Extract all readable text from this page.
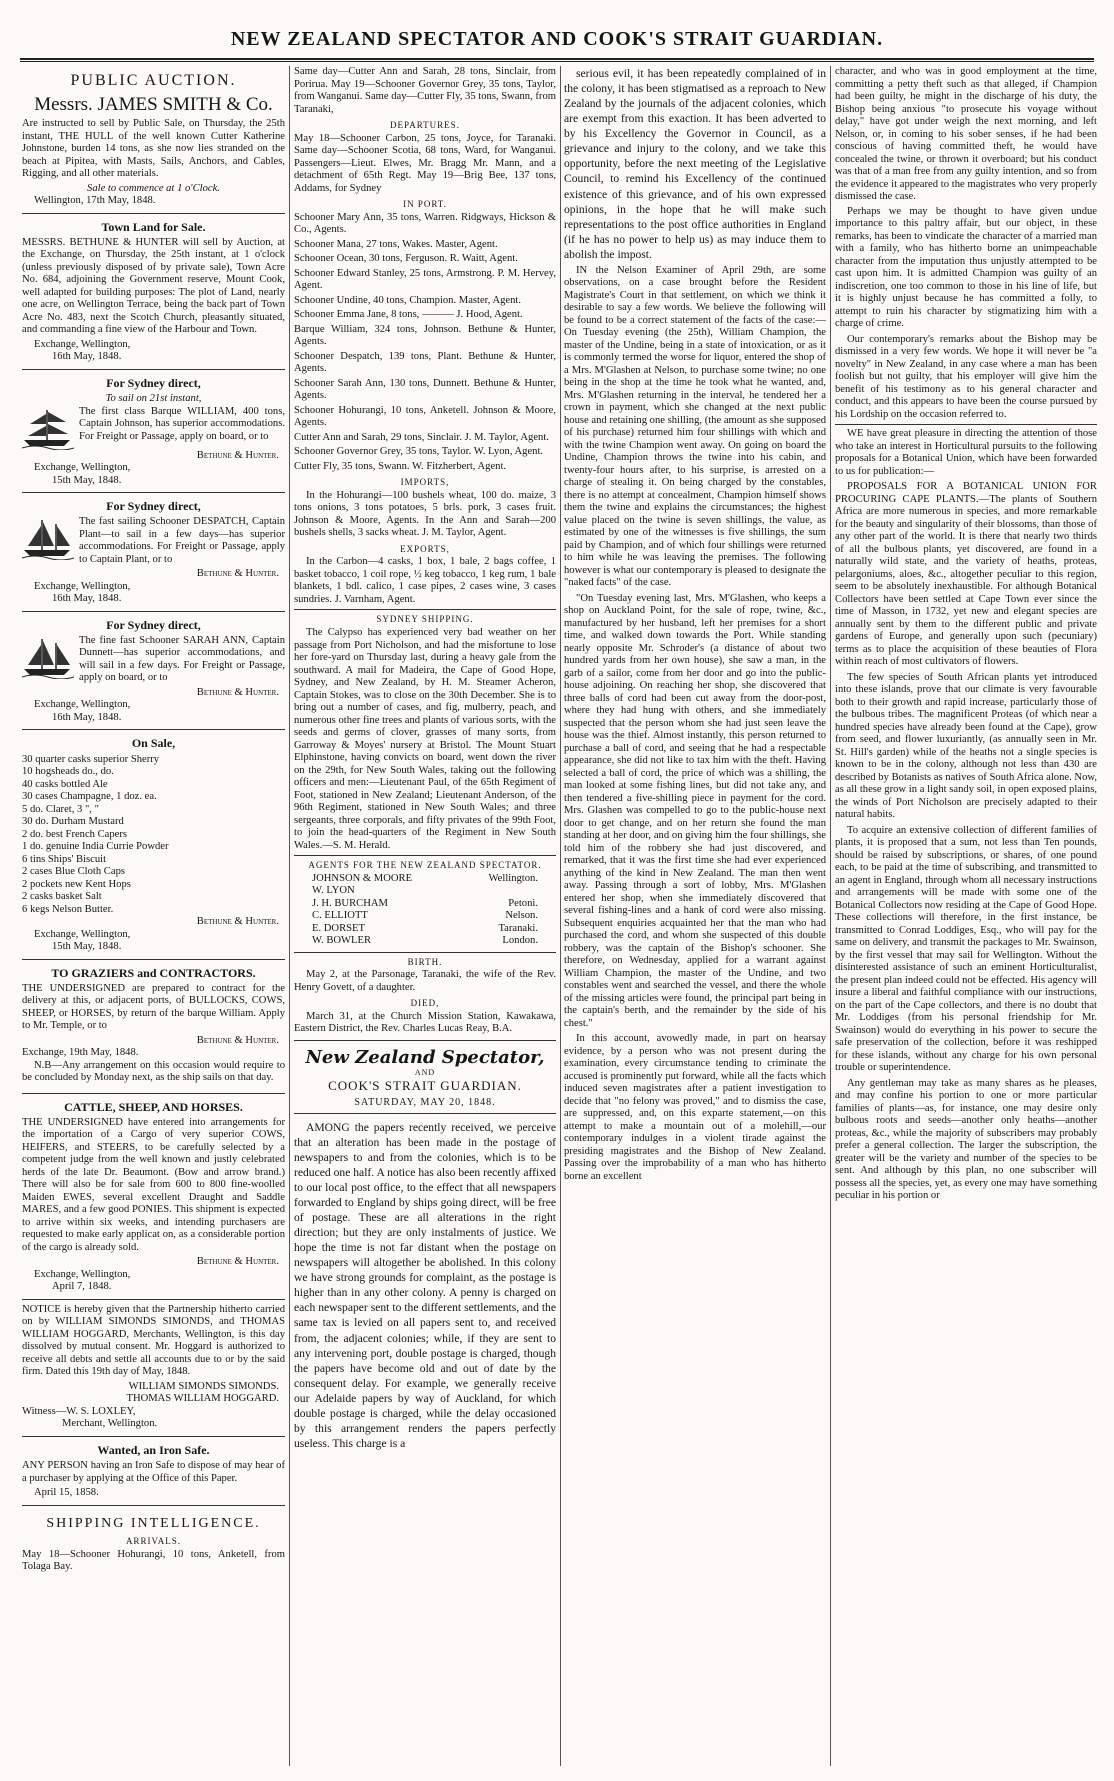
NEW ZEALAND SPECTATOR AND COOK'S STRAIT GUARDIAN.
PUBLIC AUCTION.
Messrs. JAMES SMITH & Co.

Are instructed to sell by Public Sale, on Thursday, the 25th instant, THE HULL of the well known Cutter Katherine Johnstone, burden 14 tons, as she now lies stranded on the beach at Pipitea, with Masts, Sails, Anchors, and Cables, Rigging, and all other materials.

Sale to commence at 1 o'Clock.
Wellington, 17th May, 1848.
Town Land for Sale.

MESSRS. BETHUNE & HUNTER will sell by Auction, at the Exchange, on Thursday, the 25th instant, at 1 o'clock (unless previously disposed of by private sale), Town Acre No. 684, adjoining the Government reserve, Mount Cook, well adapted for building purposes: The plot of Land, nearly one acre, on Wellington Terrace, being the back part of Town Acre No. 483, next the Scotch Church, pleasantly situated, and commanding a fine view of the Harbour and Town.

Exchange, Wellington,
16th May, 1848.
For Sydney direct,
To sail on 21st instant,

The first class Barque WILLIAM, 400 tons, Captain Johnson, has superior accommodations. For Freight or Passage, apply on board, or to

Bethune & Hunter.
Exchange, Wellington,
15th May, 1848.
For Sydney direct,

The fast sailing Schooner DESPATCH, Captain Plant—to sail in a few days—has superior accommodations. For Freight or Passage, apply to Captain Plant, or to

Bethune & Hunter.
Exchange, Wellington,
16th May, 1848.
For Sydney direct,

The fine fast Schooner SARAH ANN, Captain Dunnett—has superior accommodations, and will sail in a few days. For Freight or Passage, apply on board, or to

Bethune & Hunter.
Exchange, Wellington,
16th May, 1848.
On Sale,
30 quarter casks superior Sherry
10 hogsheads do., do.
40 casks bottled Ale
30 cases Champagne, 1 doz. ea.
5 do. Claret, 3 ", "
30 do. Durham Mustard
2 do. best French Capers
1 do. genuine India Currie Powder
6 tins Ships' Biscuit
2 cases Blue Cloth Caps
2 pockets new Kent Hops
2 casks basket Salt
6 kegs Nelson Butter.
Bethune & Hunter.
Exchange, Wellington,
15th May, 1848.
TO GRAZIERS and CONTRACTORS.

THE UNDERSIGNED are prepared to contract for the delivery at this, or adjacent ports, of BULLOCKS, COWS, SHEEP, or HORSES, by return of the barque William. Apply to Mr. Temple, or to

Bethune & Hunter.
Exchange, 19th May, 1848.

N.B—Any arrangement on this occasion would require to be concluded by Monday next, as the ship sails on that day.

CATTLE, SHEEP, AND HORSES.

THE UNDERSIGNED have entered into arrangements for the importation of a Cargo of very superior COWS, HEIFERS, and STEERS, to be carefully selected by a competent judge from the well known and justly celebrated herds of the late Dr. Beaumont. (Bow and arrow brand.) There will also be for sale from 600 to 800 fine-woolled Maiden EWES, several excellent Draught and Saddle MARES, and a few good PONIES. This shipment is expected to arrive within six weeks, and intending purchasers are requested to make early applicat on, as a considerable portion of the cargo is already sold.

Bethune & Hunter.
Exchange, Wellington,
April 7, 1848.

NOTICE is hereby given that the Partnership hitherto carried on by WILLIAM SIMONDS SIMONDS, and THOMAS WILLIAM HOGGARD, Merchants, Wellington, is this day dissolved by mutual consent. Mr. Hoggard is authorized to receive all debts and settle all accounts due to or by the said firm. Dated this 19th day of May, 1848.

WILLIAM SIMONDS SIMONDS.
THOMAS WILLIAM HOGGARD.
Witness—W. S. LOXLEY,
Merchant, Wellington.
Wanted, an Iron Safe.

ANY PERSON having an Iron Safe to dispose of may hear of a purchaser by applying at the Office of this Paper.

April 15, 1858.
SHIPPING INTELLIGENCE.
ARRIVALS.

May 18—Schooner Hohurangi, 10 tons, Anketell, from Tolaga Bay.

Same day—Cutter Ann and Sarah, 28 tons, Sinclair, from Porirua. May 19—Schooner Governor Grey, 35 tons, Taylor, from Wanganui. Same day—Cutter Fly, 35 tons, Swann, from Taranaki,

DEPARTURES.

May 18—Schooner Carbon, 25 tons, Joyce, for Taranaki. Same day—Schooner Scotia, 68 tons, Ward, for Wanganui. Passengers—Lieut. Elwes, Mr. Bragg Mr. Mann, and a detachment of 65th Regt. May 19—Brig Bee, 137 tons, Addams, for Sydney

IN PORT.

Schooner Mary Ann, 35 tons, Warren. Ridgways, Hickson & Co., Agents.

Schooner Mana, 27 tons, Wakes. Master, Agent.

Schooner Ocean, 30 tons, Ferguson. R. Waitt, Agent.

Schooner Edward Stanley, 25 tons, Armstrong. P. M. Hervey, Agent.

Schooner Undine, 40 tons, Champion. Master, Agent.

Schooner Emma Jane, 8 tons, ——— J. Hood, Agent.

Barque William, 324 tons, Johnson. Bethune & Hunter, Agents.

Schooner Despatch, 139 tons, Plant. Bethune & Hunter, Agents.

Schooner Sarah Ann, 130 tons, Dunnett. Bethune & Hunter, Agents.

Schooner Hohurangi, 10 tons, Anketell. Johnson & Moore, Agents.

Cutter Ann and Sarah, 29 tons, Sinclair. J. M. Taylor, Agent.

Schooner Governor Grey, 35 tons, Taylor. W. Lyon, Agent.

Cutter Fly, 35 tons, Swann. W. Fitzherbert, Agent.

IMPORTS,

In the Hohurangi—100 bushels wheat, 100 do. maize, 3 tons onions, 3 tons potatoes, 5 brls. pork, 3 cases fruit. Johnson & Moore, Agents. In the Ann and Sarah—200 bushels shells, 3 sacks wheat. J. M. Taylor, Agent.

EXPORTS,

In the Carbon—4 casks, 1 box, 1 bale, 2 bags coffee, 1 basket tobacco, 1 coil rope, ½ keg tobacco, 1 keg rum, 1 bale blankets, 1 bdl. calico, 1 case pipes, 2 cases wine, 3 cases sundries. J. Varnham, Agent.

SYDNEY SHIPPING.

The Calypso has experienced very bad weather on her passage from Port Nicholson, and had the misfortune to lose her fore-yard on Thursday last, during a heavy gale from the southward. A mail for Madeira, the Cape of Good Hope, Sydney, and New Zealand, by H. M. Steamer Acheron, Captain Stokes, was to close on the 30th December. She is to bring out a number of cases, and fig, mulberry, peach, and numerous other fine trees and plants of various sorts, with the seeds and germs of clover, grasses of many sorts, from Garroway & Moyes' nursery at Bristol. The Mount Stuart Elphinstone, having convicts on board, went down the river on the 29th, for New South Wales, taking out the following officers and men:—Lieutenant Paul, of the 65th Regiment of Foot, stationed in New Zealand; Lieutenant Anderson, of the 96th Regiment, stationed in New South Wales; and three sergeants, three corporals, and fifty privates of the 99th Foot, to join the head-quarters of the Regiment in New South Wales.—S. M. Herald.

AGENTS FOR THE NEW ZEALAND SPECTATOR.
JOHNSON & MOORE	Wellington.
W. LYON
J. H. BURCHAM	Petoni.
C. ELLIOTT	Nelson.
E. DORSET	Taranaki.
W. BOWLER	London.
BIRTH.

May 2, at the Parsonage, Taranaki, the wife of the Rev. Henry Govett, of a daughter.

DIED,

March 31, at the Church Mission Station, Kawakawa, Eastern District, the Rev. Charles Lucas Reay, B.A.

New Zealand Spectator,
AND
COOK'S STRAIT GUARDIAN.
SATURDAY, MAY 20, 1848.

AMONG the papers recently received, we perceive that an alteration has been made in the postage of newspapers to and from the colonies, which is to be reduced one half. A notice has also been recently affixed to our local post office, to the effect that all newspapers forwarded to England by ships going direct, will be free of postage. These are all alterations in the right direction; but they are only instalments of justice. We hope the time is not far distant when the postage on newspapers will altogether be abolished. In this colony we have strong grounds for complaint, as the postage is higher than in any other colony. A penny is charged on each newspaper sent to the different settlements, and the same tax is levied on all papers sent to, and received from, the adjacent colonies; while, if they are sent to any intervening port, double postage is charged, though the papers have become old and out of date by the consequent delay. For example, we generally receive our Adelaide papers by way of Auckland, for which double postage is charged, while the delay occasioned by this arrangement renders the papers perfectly useless. This charge is a

serious evil, it has been repeatedly complained of in the colony, it has been stigmatised as a reproach to New Zealand by the journals of the adjacent colonies, which are exempt from this exaction. It has been adverted to by his Excellency the Governor in Council, as a grievance and injury to the colony, and we take this opportunity, before the next meeting of the Legislative Council, to remind his Excellency of the continued existence of this grievance, and of his own expressed opinions, in the hope that he will make such representations to the post office authorities in England (if he has no power to help us) as may induce them to abolish the impost.

IN the Nelson Examiner of April 29th, are some observations, on a case brought before the Resident Magistrate's Court in that settlement, on which we think it desirable to say a few words. We believe the following will be found to be a correct statement of the facts of the case:—On Tuesday evening (the 25th), William Champion, the master of the Undine, being in a state of intoxication, or as it is commonly termed the worse for liquor, entered the shop of a Mrs. M'Glashen at Nelson, to purchase some twine; no one being in the shop at the time he took what he wanted, and, Mrs. M'Glashen returning in the interval, he tendered her a crown in payment, which she changed at the next public house and retaining one shilling, (the amount as she supposed of his purchase) returned him four shillings with which and with the twine Champion went away. On going on board the Undine, Champion throws the twine into his cabin, and twenty-four hours after, to his surprise, is arrested on a charge of stealing it. On being charged by the constables, there is no attempt at concealment, Champion himself shows them the twine and explains the circumstances; the highest value placed on the twine is seven shillings, the value, as estimated by one of the witnesses is five shillings, the sum paid by Champion, and of which four shillings were returned to him while he was leaving the premises. The following however is what our contemporary is pleased to designate the "naked facts" of the case.

"On Tuesday evening last, Mrs. M'Glashen, who keeps a shop on Auckland Point, for the sale of rope, twine, &c., manufactured by her husband, left her premises for a short time, and walked down towards the Port. While standing nearly opposite Mr. Schroder's (a distance of about two hundred yards from her own house), she saw a man, in the garb of a sailor, come from her door and go into the public-house adjoining. On reaching her shop, she discovered that three balls of cord had been cut away from the door-post, where they had hung with others, and she immediately suspected that the person whom she had just seen leave the house was the thief. Almost instantly, this person returned to purchase a ball of cord, and seeing that he had a respectable appearance, she did not like to tax him with the theft. Having selected a ball of cord, the price of which was a shilling, the man looked at some fishing lines, but did not take any, and then tendered a five-shilling piece in payment for the cord. Mrs. Glashen was compelled to go to the public-house next door to get change, and on her return she found the man standing at her door, and on giving him the four shillings, she told him of the robbery she had just discovered, and remarked, that it was the first time she had ever experienced anything of the kind in New Zealand. The man then went away. Passing through a sort of lobby, Mrs. M'Glashen entered her shop, when she immediately discovered that several fishing-lines and a hank of cord were also missing. Subsequent enquiries acquainted her that the man who had purchased the cord, and whom she suspected of this double robbery, was the captain of the Bishop's schooner. She therefore, on Wednesday, applied for a warrant against William Champion, the master of the Undine, and two constables went and searched the vessel, and there the whole of the missing articles were found, the principal part being in the captain's berth, and the remainder by the side of his chest."

In this account, avowedly made, in part on hearsay evidence, by a person who was not present during the examination, every circumstance tending to criminate the accused is prominently put forward, while all the facts which induced seven magistrates after a patient investigation to decide that "no felony was proved," and to dismiss the case, are suppressed, and, on this exparte statement,—on this attempt to make a mountain out of a molehill,—our contemporary indulges in a violent tirade against the presiding magistrates and the Bishop of New Zealand. Passing over the improbability of a man who has hitherto borne an excellent

character, and who was in good employment at the time, committing a petty theft such as that alleged, if Champion had been guilty, he might in the discharge of his duty, the Bishop being anxious "to prosecute his voyage without delay," have got under weigh the next morning, and left Nelson, or, in coming to his sober senses, if he had been conscious of having committed theft, he would have concealed the twine, or thrown it overboard; but his conduct was that of a man free from any guilty intention, and so from the evidence it appeared to the magistrates who very properly dismissed the case.

Perhaps we may be thought to have given undue importance to this paltry affair, but our object, in these remarks, has been to vindicate the character of a married man with a family, who has hitherto borne an unimpeachable character from the imputation thus unjustly attempted to be cast upon him. It is admitted Champion was guilty of an indiscretion, one too common to those in his line of life, but it is highly unjust because he has committed a folly, to attempt to ruin his character by stigmatizing him with a charge of crime.

Our contemporary's remarks about the Bishop may be dismissed in a very few words. We hope it will never be "a novelty" in New Zealand, in any case where a man has been foolish but not guilty, that his employer will give him the benefit of his testimony as to his general character and conduct, and this appears to have been the course pursued by his Lordship on the occasion referred to.

WE have great pleasure in directing the attention of those who take an interest in Horticultural pursuits to the following proposals for a Botanical Union, which have been forwarded to us for publication:—

PROPOSALS FOR A BOTANICAL UNION FOR PROCURING CAPE PLANTS.—The plants of Southern Africa are more numerous in species, and more remarkable for the beauty and singularity of their blossoms, than those of any other part of the world. It is there that nearly two thirds of all the bulbous plants, yet discovered, are found in a naturally wild state, and the variety of heaths, proteas, pelargoniums, aloes, &c., altogether peculiar to this region, seem to be absolutely inexhaustible. For although Botanical Collectors have been settled at Cape Town ever since the time of Masson, in 1732, yet new and elegant species are annually sent by them to the different public and private gardens of Europe, and generally upon such (pecuniary) terms as to place the acquisition of these beauties of Flora within reach of most cultivators of flowers.

The few species of South African plants yet introduced into these islands, prove that our climate is very favourable both to their growth and rapid increase, particularly those of the bulbous tribes. The magnificent Proteas (of which near a hundred species have already been found at the Cape), grow from seed, and flower luxuriantly, (as annually seen in Mr. St. Hill's garden) while of the heaths not a single species is known to be in the colony, although not less than 430 are described by Botanists as natives of South Africa alone. Now, as all these grow in a light sandy soil, in open exposed plains, the winds of Port Nicholson are precisely adapted to their natural habits.

To acquire an extensive collection of different families of plants, it is proposed that a sum, not less than Ten pounds, should be raised by subscriptions, or shares, of one pound each, to be paid at the time of subscribing, and transmitted to an agent in England, through whom all necessary instructions and arrangements will be made with some one of the Botanical Collectors now residing at the Cape of Good Hope. These collections will therefore, in the first instance, be transmitted to Conrad Loddiges, Esq., who will pay for the same on delivery, and transmit the packages to Mr. Swainson, by the first vessel that may sail for Wellington. Without the disinterested assistance of such an eminent Horticulturalist, the present plan indeed could not be effected. His agency will insure a liberal and faithful compliance with our instructions, on the part of the Cape collectors, and there is no doubt that Mr. Loddiges (from his personal friendship for Mr. Swainson) would do everything in his power to secure the safe preservation of the collection, before it was reshipped for these islands, without any charge for his own personal trouble or superintendence.

Any gentleman may take as many shares as he pleases, and may confine his portion to one or more particular families of plants—as, for instance, one may desire only bulbous roots and seeds—another only heaths—another proteas, &c., while the majority of subscribers may probably prefer a general collection. The larger the subscription, the greater will be the variety and number of the species to be sent. And although by this plan, no one subscriber will possess all the species, yet, as every one may have something peculiar in his portion or
